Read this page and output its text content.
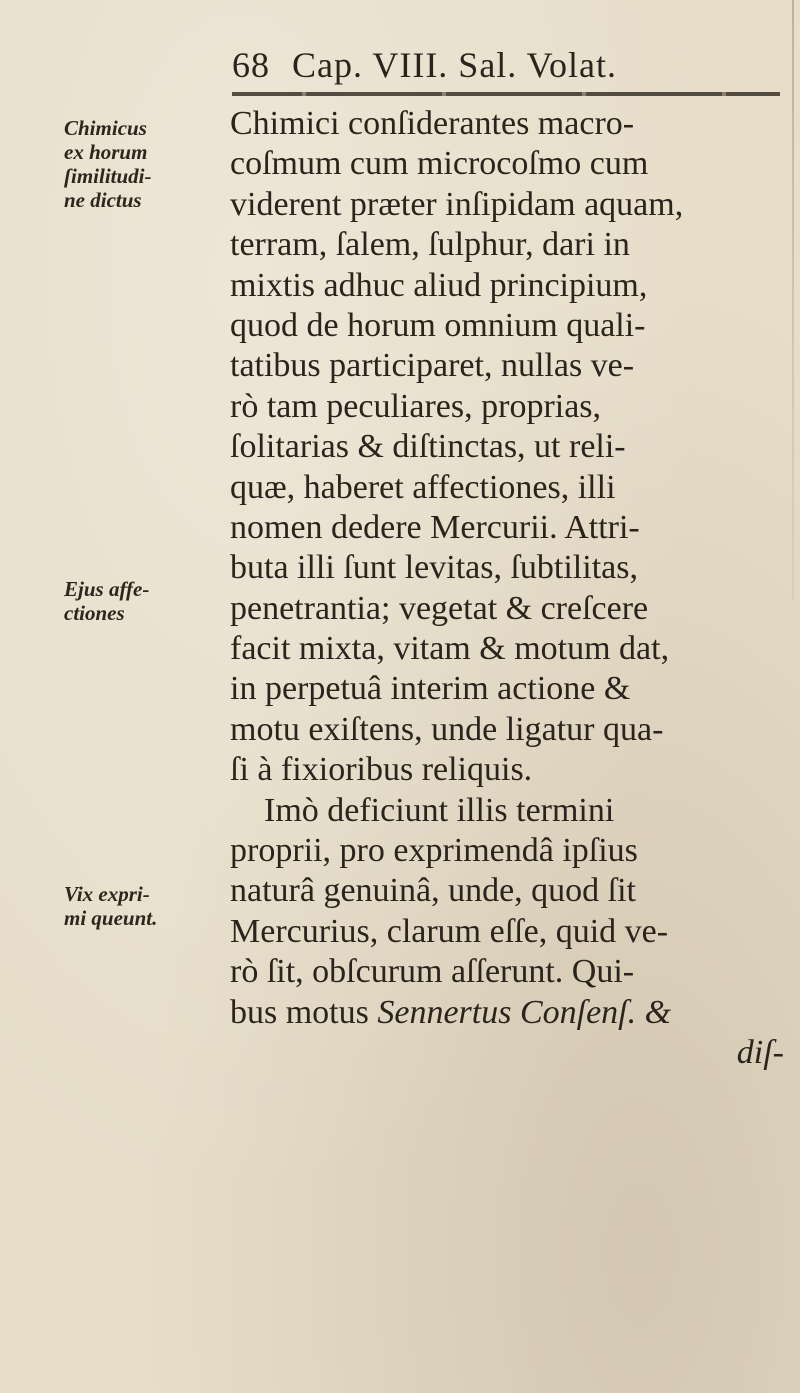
68 Cap. VIII. Sal. Volat.
Chimici conſiderantes macro-
coſmum cum microcoſmo cum
viderent præter inſipidam aquam,
terram, ſalem, ſulphur, dari in
mixtis adhuc aliud principium,
quod de horum omnium quali-
tatibus participaret, nullas ve-
rò tam peculiares, proprias,
ſolitarias & diſtinctas, ut reli-
quæ, haberet affectiones, illi
nomen dedere Mercurii. Attri-
buta illi ſunt levitas, ſubtilitas,
penetrantia; vegetat & creſcere
facit mixta, vitam & motum dat,
in perpetuâ interim actione &
motu exiſtens, unde ligatur qua-
ſi à fixioribus reliquis.
Imò deficiunt illis termini
proprii, pro exprimendâ ipſius
naturâ genuinâ, unde, quod ſit
Mercurius, clarum eſſe, quid ve-
rò ſit, obſcurum aſſerunt. Qui-
bus motus Sennertus Conſenſ. &
diſ-
Chimicus
ex horum
ſimilitudi-
ne dictus
Ejus affe-
ctiones
Vix expri-
mi queunt.
